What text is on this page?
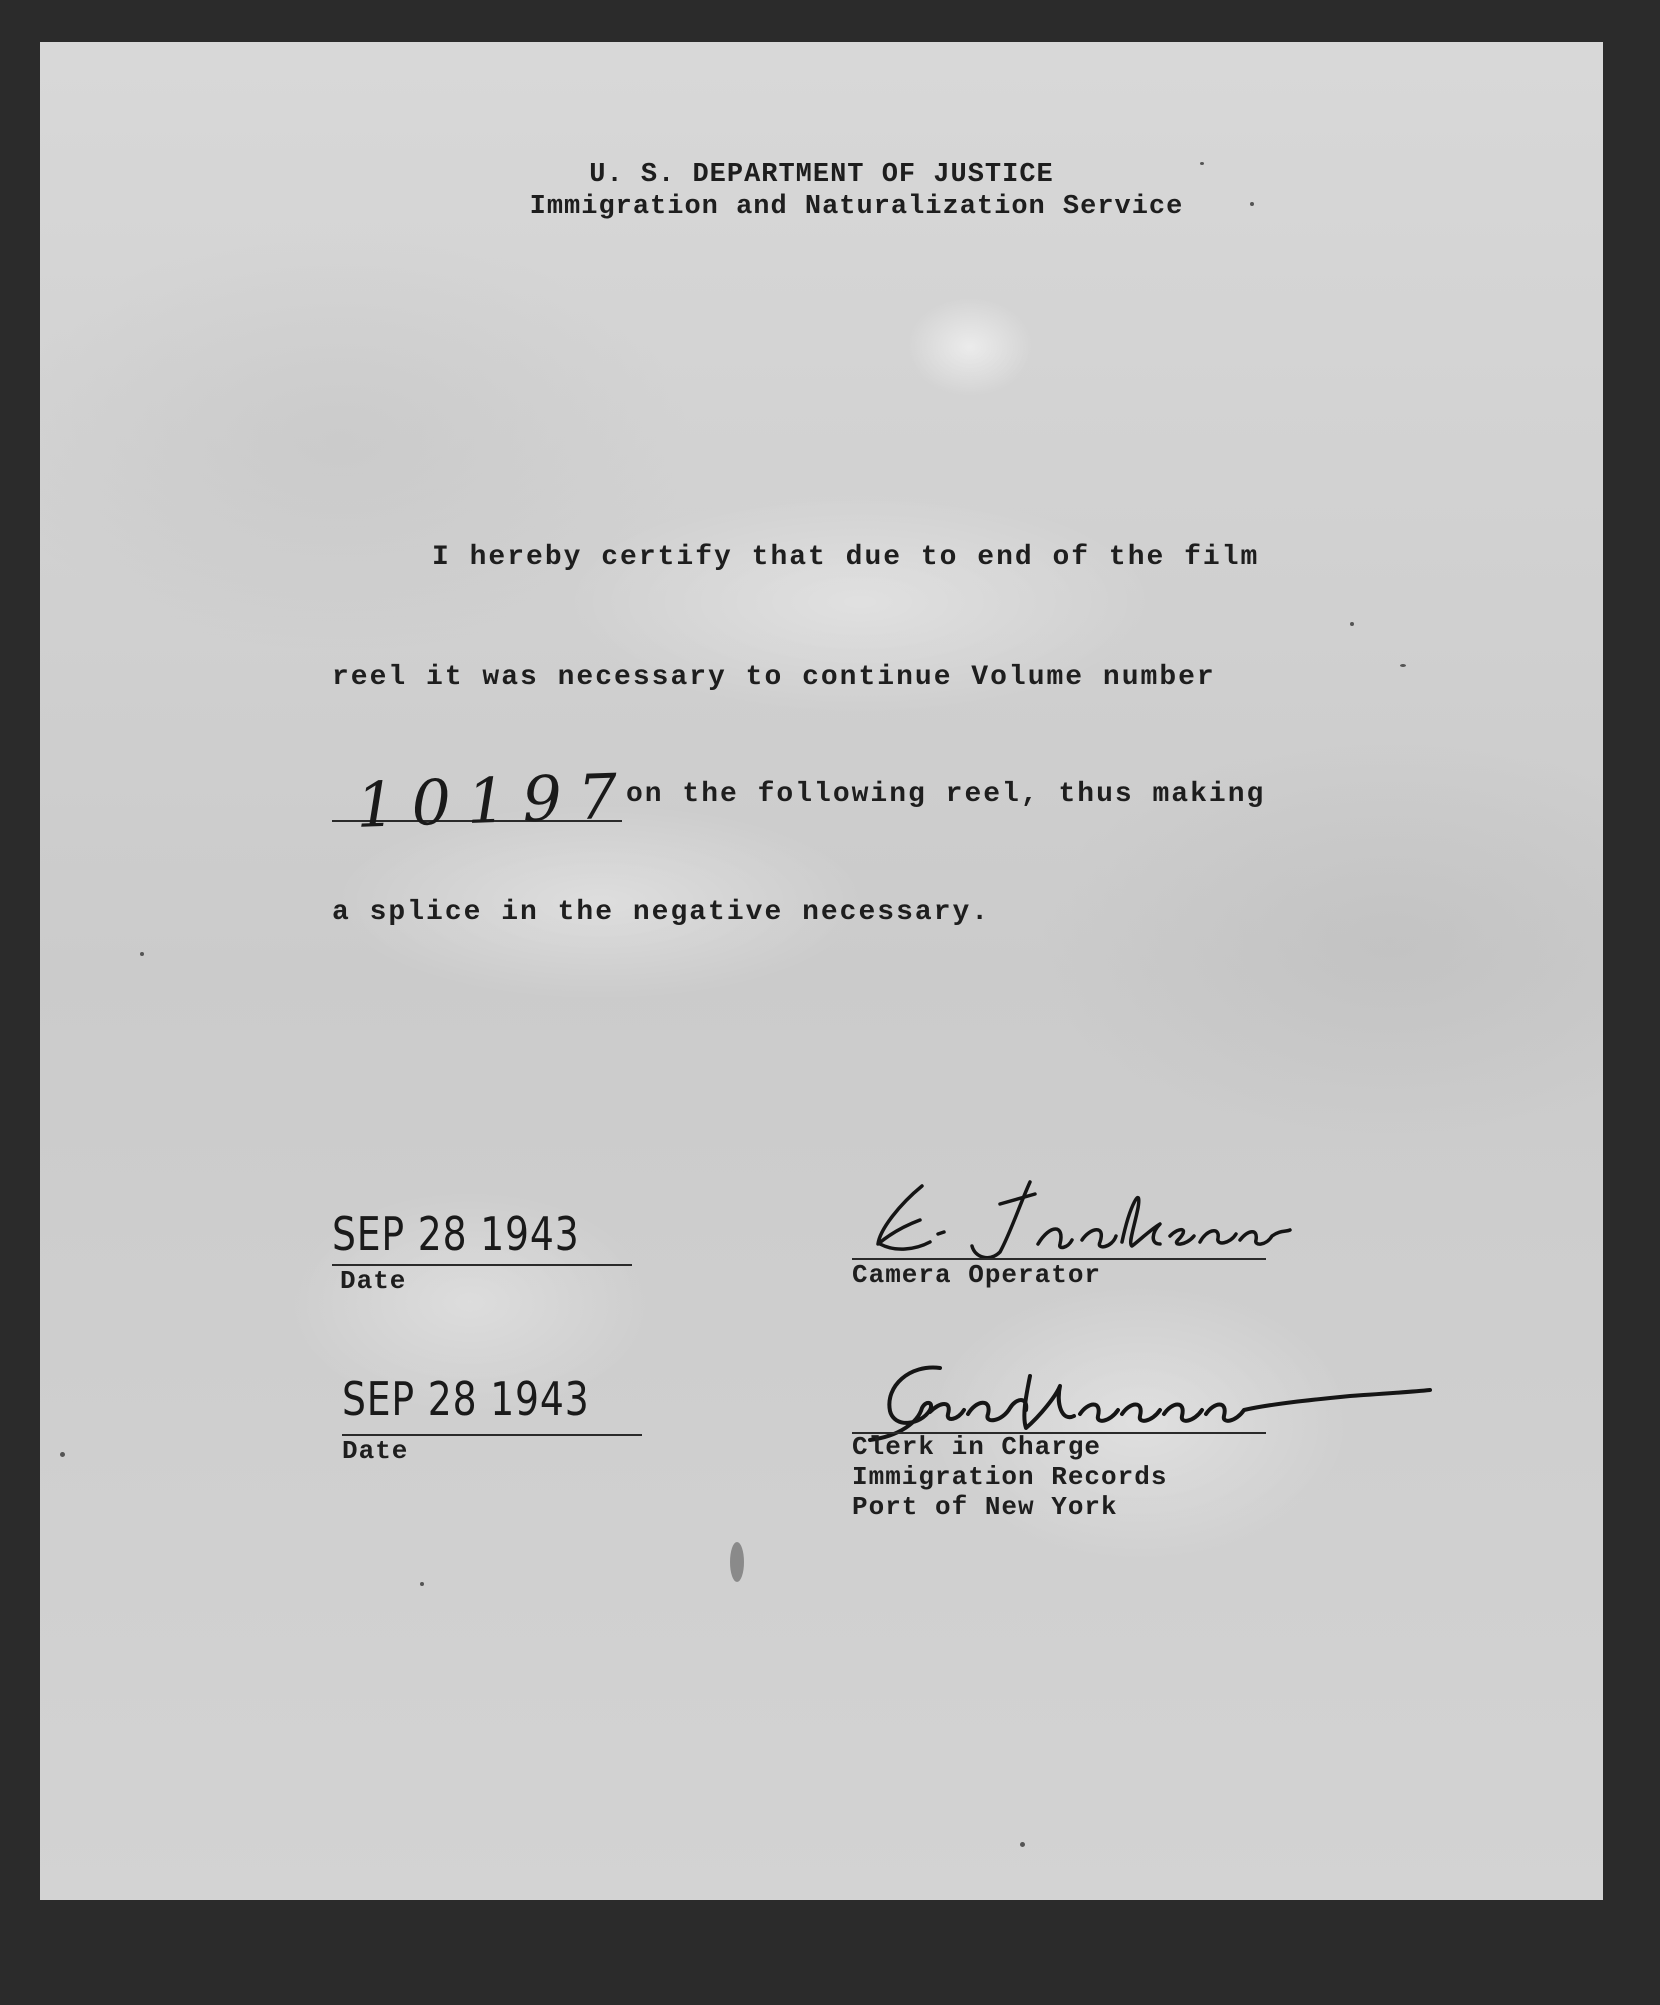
U. S. DEPARTMENT OF JUSTICE
Immigration and Naturalization Service
I hereby certify that due to end of the film
reel it was necessary to continue Volume number
10197
on the following reel, thus making
a splice in the negative necessary.
SEP 28 1943
Date	Camera Operator
SEP 28 1943
Date	Clerk in Charge
Immigration Records
Port of New York
